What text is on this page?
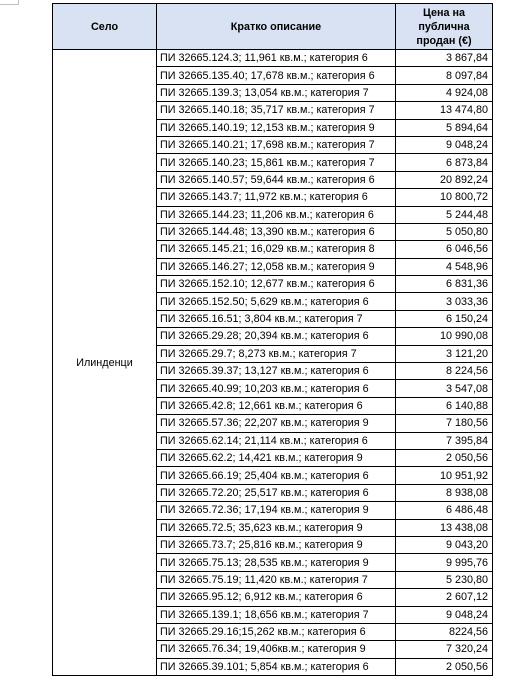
Село	Кратко описание	Цена на публична продан (€)
Илинденци	ПИ 32665.124.3; 11,961 кв.м.; категория 6	3 867,84
	ПИ 32665.135.40; 17,678 кв.м.; категория 6	8 097,84
	ПИ 32665.139.3; 13,054 кв.м.; категория 7	4 924,08
	ПИ 32665.140.18; 35,717 кв.м.; категория 7	13 474,80
	ПИ 32665.140.19; 12,153 кв.м.; категория 9	5 894,64
	ПИ 32665.140.21; 17,698 кв.м.; категория 7	9 048,24
	ПИ 32665.140.23; 15,861 кв.м.; категория 7	6 873,84
	ПИ 32665.140.57; 59,644 кв.м.; категория 6	20 892,24
	ПИ 32665.143.7; 11,972 кв.м.; категория 6	10 800,72
	ПИ 32665.144.23; 11,206 кв.м.; категория 6	5 244,48
	ПИ 32665.144.48; 13,390 кв.м.; категория 6	5 050,80
	ПИ 32665.145.21; 16,029 кв.м.; категория 8	6 046,56
	ПИ 32665.146.27; 12,058 кв.м.; категория 9	4 548,96
	ПИ 32665.152.10; 12,677 кв.м.; категория 6	6 831,36
	ПИ 32665.152.50; 5,629 кв.м.; категория 6	3 033,36
	ПИ 32665.16.51; 3,804 кв.м.; категория 7	6 150,24
	ПИ 32665.29.28; 20,394 кв.м.; категория 6	10 990,08
	ПИ 32665.29.7; 8,273 кв.м.; категория 7	3 121,20
	ПИ 32665.39.37; 13,127 кв.м.; категория 6	8 224,56
	ПИ 32665.40.99; 10,203 кв.м.; категория 6	3 547,08
	ПИ 32665.42.8; 12,661 кв.м.; категория 6	6 140,88
	ПИ 32665.57.36; 22,207 кв.м.; категория 9	7 180,56
	ПИ 32665.62.14; 21,114 кв.м.; категория 6	7 395,84
	ПИ 32665.62.2; 14,421 кв.м.; категория 9	2 050,56
	ПИ 32665.66.19; 25,404 кв.м.; категория 6	10 951,92
	ПИ 32665.72.20; 25,517 кв.м.; категория 6	8 938,08
	ПИ 32665.72.36; 17,194 кв.м.; категория 9	6 486,48
	ПИ 32665.72.5; 35,623 кв.м.; категория 9	13 438,08
	ПИ 32665.73.7; 25,816 кв.м.; категория 9	9 043,20
	ПИ 32665.75.13; 28,535 кв.м.; категория 9	9 995,76
	ПИ 32665.75.19; 11,420 кв.м.; категория 7	5 230,80
	ПИ 32665.95.12; 6,912 кв.м.; категория 6	2 607,12
	ПИ 32665.139.1; 18,656 кв.м.; категория 7	9 048,24
	ПИ 32665.29.16;15,262 кв.м.; категория 6	8224,56
	ПИ 32665.76.34; 19,406кв.м.; категория 9	7 320,24
	ПИ 32665.39.101; 5,854 кв.м.; категория 6	2 050,56
